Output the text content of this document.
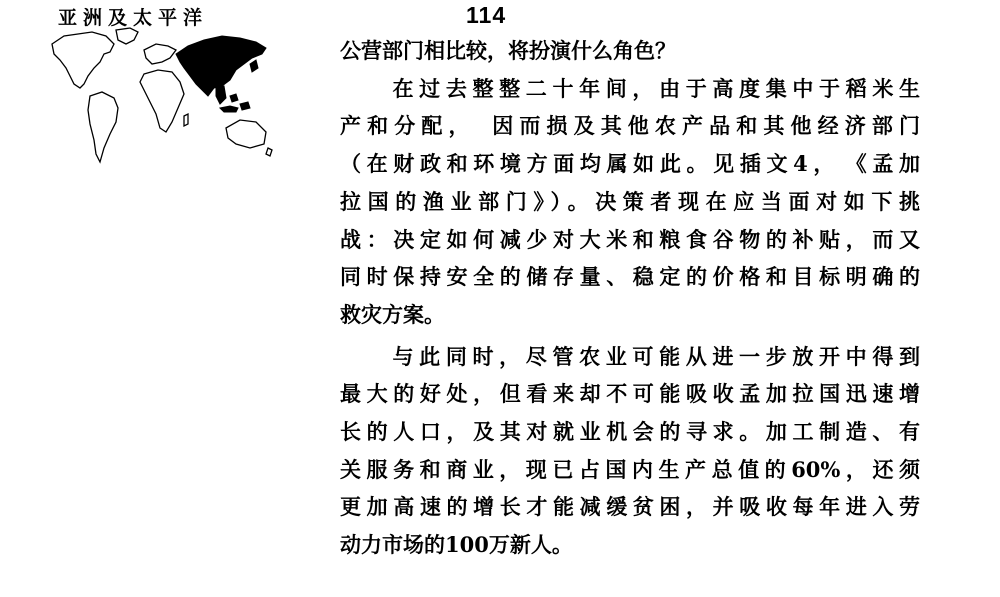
亚洲及太平洋	114
公营部门相比较，将扮演什么角色？
在过去整整二十年间，由于高度集中于稻米生
产和分配，　因而损及其他农产品和其他经济部门
（在财政和环境方面均属如此。见插文4，　《孟加
拉国的渔业部门》）。决策者现在应当面对如下挑
战：决定如何减少对大米和粮食谷物的补贴，而又
同时保持安全的储存量、稳定的价格和目标明确的
救灾方案。
与此同时，尽管农业可能从进一步放开中得到
最大的好处，但看来却不可能吸收孟加拉国迅速增
长的人口，及其对就业机会的寻求。加工制造、有
关服务和商业，现已占国内生产总值的60%，还须
更加高速的增长才能减缓贫困，并吸收每年进入劳
动力市场的100万新人。
